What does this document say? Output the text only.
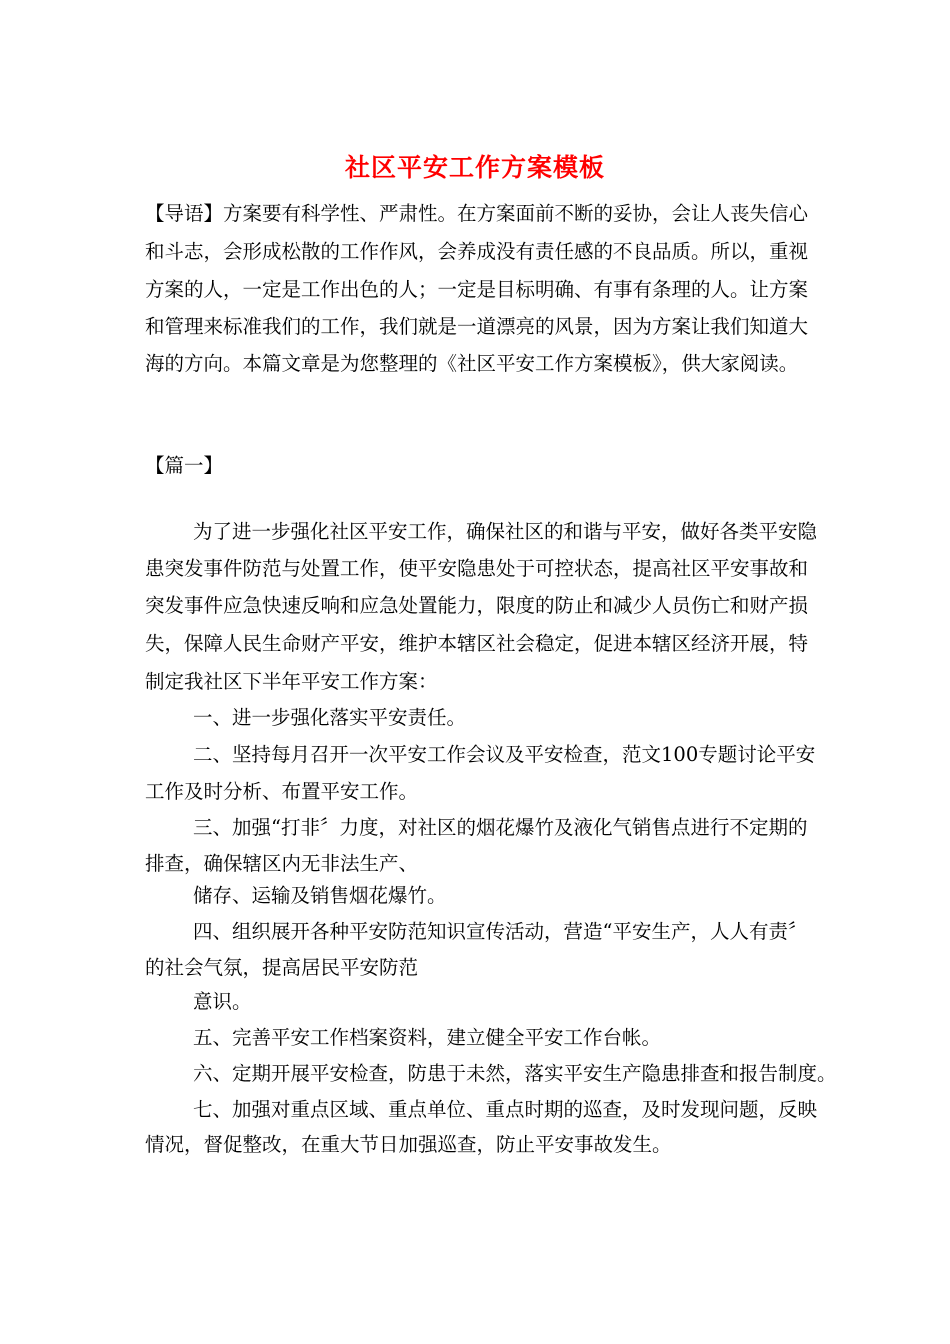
社区平安工作方案模板
【导语】方案要有科学性、严肃性。在方案面前不断的妥协，会让人丧失信心
和斗志，会形成松散的工作作风，会养成没有责任感的不良品质。所以，重视
方案的人，一定是工作出色的人；一定是目标明确、有事有条理的人。让方案
和管理来标准我们的工作，我们就是一道漂亮的风景，因为方案让我们知道大
海的方向。本篇文章是为您整理的《社区平安工作方案模板》，供大家阅读。
【篇一】
为了进一步强化社区平安工作，确保社区的和谐与平安，做好各类平安隐
患突发事件防范与处置工作，使平安隐患处于可控状态，提高社区平安事故和
突发事件应急快速反响和应急处置能力，限度的防止和减少人员伤亡和财产损
失，保障人民生命财产平安，维护本辖区社会稳定，促进本辖区经济开展，特
制定我社区下半年平安工作方案：
一、进一步强化落实平安责任。
二、坚持每月召开一次平安工作会议及平安检查，范文100专题讨论平安
工作及时分析、布置平安工作。
三、加强“打非〞力度，对社区的烟花爆竹及液化气销售点进行不定期的
排查，确保辖区内无非法生产、
储存、运输及销售烟花爆竹。
四、组织展开各种平安防范知识宣传活动，营造“平安生产，人人有责〞
的社会气氛，提高居民平安防范
意识。
五、完善平安工作档案资料，建立健全平安工作台帐。
六、定期开展平安检查，防患于未然，落实平安生产隐患排查和报告制度。
七、加强对重点区域、重点单位、重点时期的巡查，及时发现问题，反映
情况，督促整改，在重大节日加强巡查，防止平安事故发生。
